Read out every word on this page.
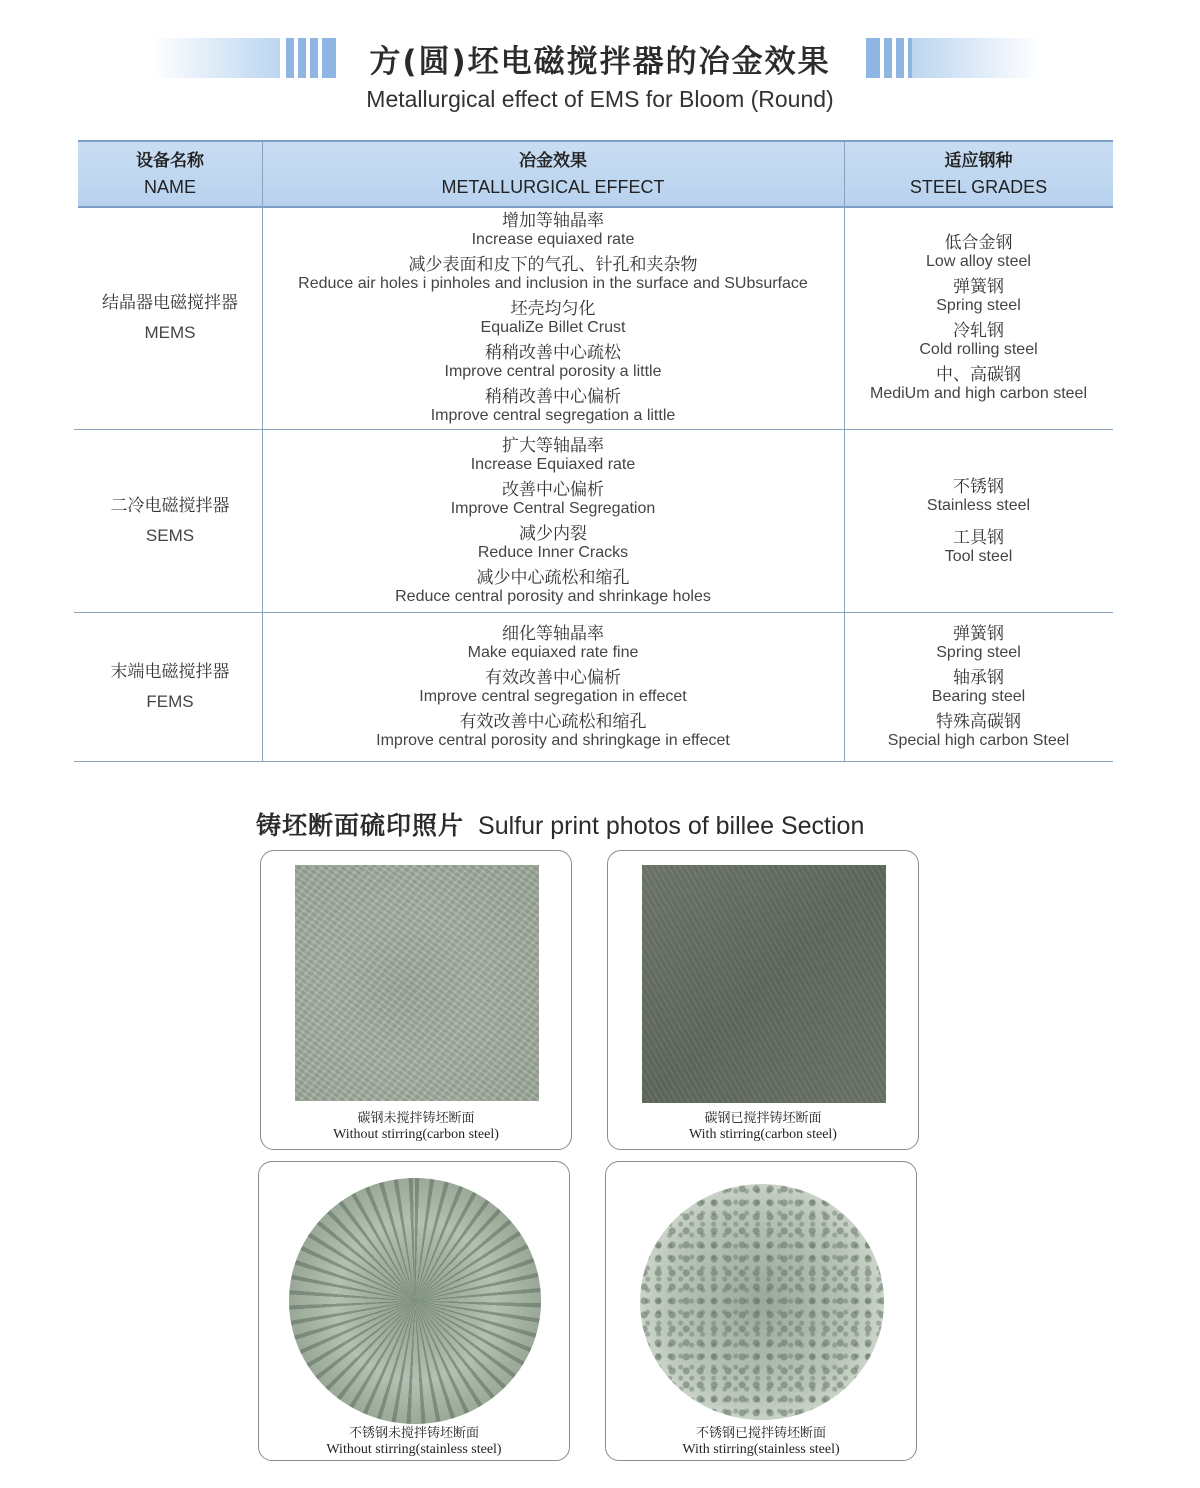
方(圆)坯电磁搅拌器的冶金效果
Metallurgical effect of EMS for Bloom (Round)
设备名称
NAME
冶金效果
METALLURGICAL EFFECT
适应钢种
STEEL GRADES
结晶器电磁搅拌器
MEMS
增加等轴晶率
Increase equiaxed rate
减少表面和皮下的气孔、针孔和夹杂物
Reduce air holes i pinholes and inclusion in the surface and SUbsurface
坯壳均匀化
EqualiZe Billet Crust
稍稍改善中心疏松
Improve central porosity a little
稍稍改善中心偏析
Improve central segregation a little
低合金钢
Low alloy steel
弹簧钢
Spring steel
冷轧钢
Cold rolling steel
中、高碳钢
MediUm and high carbon steel
二冷电磁搅拌器
SEMS
扩大等轴晶率
Increase Equiaxed rate
改善中心偏析
Improve Central Segregation
减少内裂
Reduce Inner Cracks
减少中心疏松和缩孔
Reduce central porosity and shrinkage holes
不锈钢
Stainless steel
工具钢
Tool steel
末端电磁搅拌器
FEMS
细化等轴晶率
Make equiaxed rate fine
有效改善中心偏析
Improve central segregation in effecet
有效改善中心疏松和缩孔
Improve central porosity and shringkage in effecet
弹簧钢
Spring steel
轴承钢
Bearing steel
特殊高碳钢
Special high carbon Steel
铸坯断面硫印照片 Sulfur print photos of billee Section
碳钢未搅拌铸坯断面
Without stirring(carbon steel)
碳钢已搅拌铸坯断面
With stirring(carbon steel)
不锈钢未搅拌铸坯断面
Without stirring(stainless steel)
不锈钢已搅拌铸坯断面
With stirring(stainless steel)
